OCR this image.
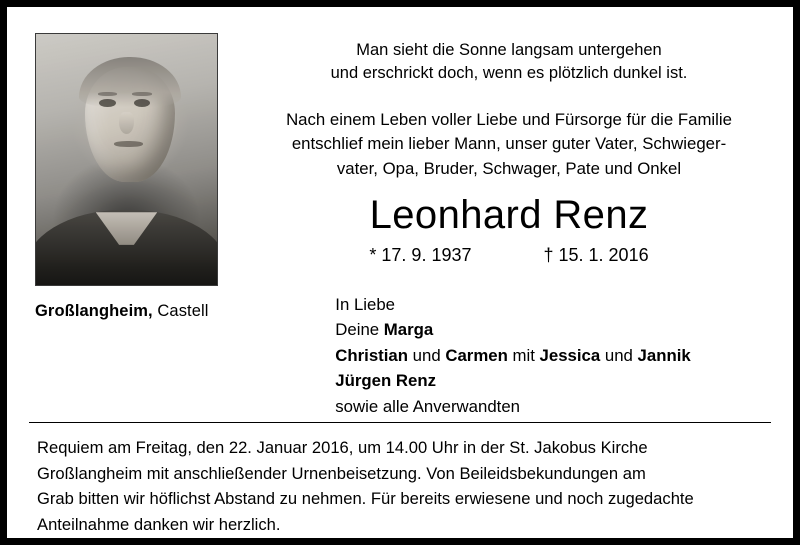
Großlangheim, Castell
Man sieht die Sonne langsam untergehen
und erschrickt doch, wenn es plötzlich dunkel ist.
Nach einem Leben voller Liebe und Fürsorge für die Familie
entschlief mein lieber Mann, unser guter Vater, Schwieger-
vater, Opa, Bruder, Schwager, Pate und Onkel
Leonhard Renz
* 17. 9. 1937	† 15. 1. 2016
In Liebe
Deine Marga
Christian und Carmen mit Jessica und Jannik
Jürgen Renz
sowie alle Anverwandten
Requiem am Freitag, den 22. Januar 2016, um 14.00 Uhr in der St. Jakobus Kirche
Großlangheim mit anschließender Urnenbeisetzung. Von Beileidsbekundungen am
Grab bitten wir höflichst Abstand zu nehmen. Für bereits erwiesene und noch zugedachte
Anteilnahme danken wir herzlich.
